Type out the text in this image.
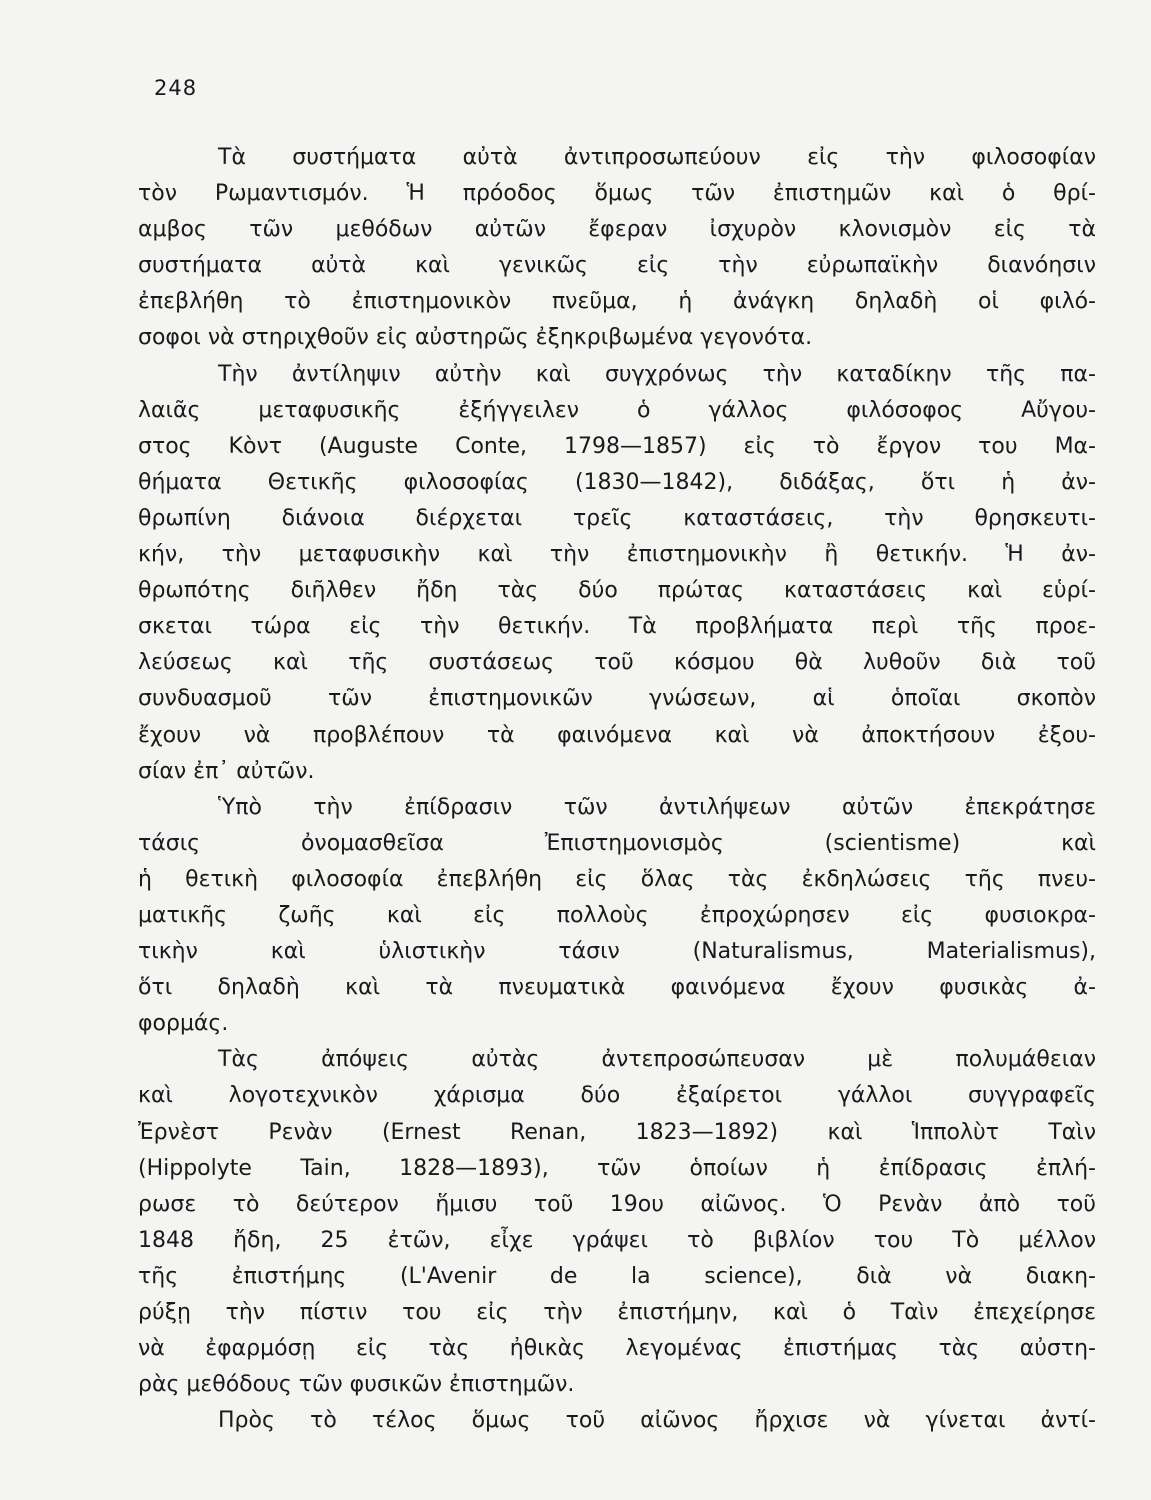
248
Τὰ συστήματα αὐτὰ ἀντιπροσωπεύουν εἰς τὴν φιλοσοφίαν
τὸν Ρωμαντισμόν. Ἡ πρόοδος ὅμως τῶν ἐπιστημῶν καὶ ὁ θρί-
αμβος τῶν μεθόδων αὐτῶν ἔφεραν ἰσχυρὸν κλονισμὸν εἰς τὰ
συστήματα αὐτὰ καὶ γενικῶς εἰς τὴν εὐρωπαϊκὴν διανόησιν
ἐπεβλήθη τὸ ἐπιστημονικὸν πνεῦμα, ἡ ἀνάγκη δηλαδὴ οἱ φιλό-
σοφοι νὰ στηριχθοῦν εἰς αὐστηρῶς ἐξηκριβωμένα γεγονότα.
Τὴν ἀντίληψιν αὐτὴν καὶ συγχρόνως τὴν καταδίκην τῆς πα-
λαιᾶς μεταφυσικῆς ἐξήγγειλεν ὁ γάλλος φιλόσοφος Αὔγου-
στος Κὸντ (Auguste Conte, 1798—1857) εἰς τὸ ἔργον του Μα-
θήματα Θετικῆς φιλοσοφίας (1830—1842), διδάξας, ὅτι ἡ ἀν-
θρωπίνη διάνοια διέρχεται τρεῖς καταστάσεις, τὴν θρησκευτι-
κήν, τὴν μεταφυσικὴν καὶ τὴν ἐπιστημονικὴν ἢ θετικήν. Ἡ ἀν-
θρωπότης διῆλθεν ἤδη τὰς δύο πρώτας καταστάσεις καὶ εὑρί-
σκεται τώρα εἰς τὴν θετικήν. Τὰ προβλήματα περὶ τῆς προε-
λεύσεως καὶ τῆς συστάσεως τοῦ κόσμου θὰ λυθοῦν διὰ τοῦ
συνδυασμοῦ τῶν ἐπιστημονικῶν γνώσεων, αἱ ὁποῖαι σκοπὸν
ἔχουν νὰ προβλέπουν τὰ φαινόμενα καὶ νὰ ἀποκτήσουν ἐξου-
σίαν ἐπ᾽ αὐτῶν.
Ὑπὸ τὴν ἐπίδρασιν τῶν ἀντιλήψεων αὐτῶν ἐπεκράτησε
τάσις ὀνομασθεῖσα Ἐπιστημονισμὸς (scientisme) καὶ
ἡ θετικὴ φιλοσοφία ἐπεβλήθη εἰς ὅλας τὰς ἐκδηλώσεις τῆς πνευ-
ματικῆς ζωῆς καὶ εἰς πολλοὺς ἐπροχώρησεν εἰς φυσιοκρα-
τικὴν καὶ ὑλιστικὴν τάσιν (Naturalismus, Materialismus),
ὅτι δηλαδὴ καὶ τὰ πνευματικὰ φαινόμενα ἔχουν φυσικὰς ἀ-
φορμάς.
Τὰς ἀπόψεις αὐτὰς ἀντεπροσώπευσαν μὲ πολυμάθειαν
καὶ λογοτεχνικὸν χάρισμα δύο ἐξαίρετοι γάλλοι συγγραφεῖς
Ἐρνὲστ Ρενὰν (Ernest Renan, 1823—1892) καὶ Ἱππολὺτ Ταὶν
(Hippolyte Tain, 1828—1893), τῶν ὁποίων ἡ ἐπίδρασις ἐπλή-
ρωσε τὸ δεύτερον ἥμισυ τοῦ 19ου αἰῶνος. Ὁ Ρενὰν ἀπὸ τοῦ
1848 ἤδη, 25 ἐτῶν, εἶχε γράψει τὸ βιβλίον του Τὸ μέλλον
τῆς ἐπιστήμης (L'Avenir de la science), διὰ νὰ διακη-
ρύξῃ τὴν πίστιν του εἰς τὴν ἐπιστήμην, καὶ ὁ Ταὶν ἐπεχείρησε
νὰ ἐφαρμόσῃ εἰς τὰς ἠθικὰς λεγομένας ἐπιστήμας τὰς αὐστη-
ρὰς μεθόδους τῶν φυσικῶν ἐπιστημῶν.
Πρὸς τὸ τέλος ὅμως τοῦ αἰῶνος ἤρχισε νὰ γίνεται ἀντί-
